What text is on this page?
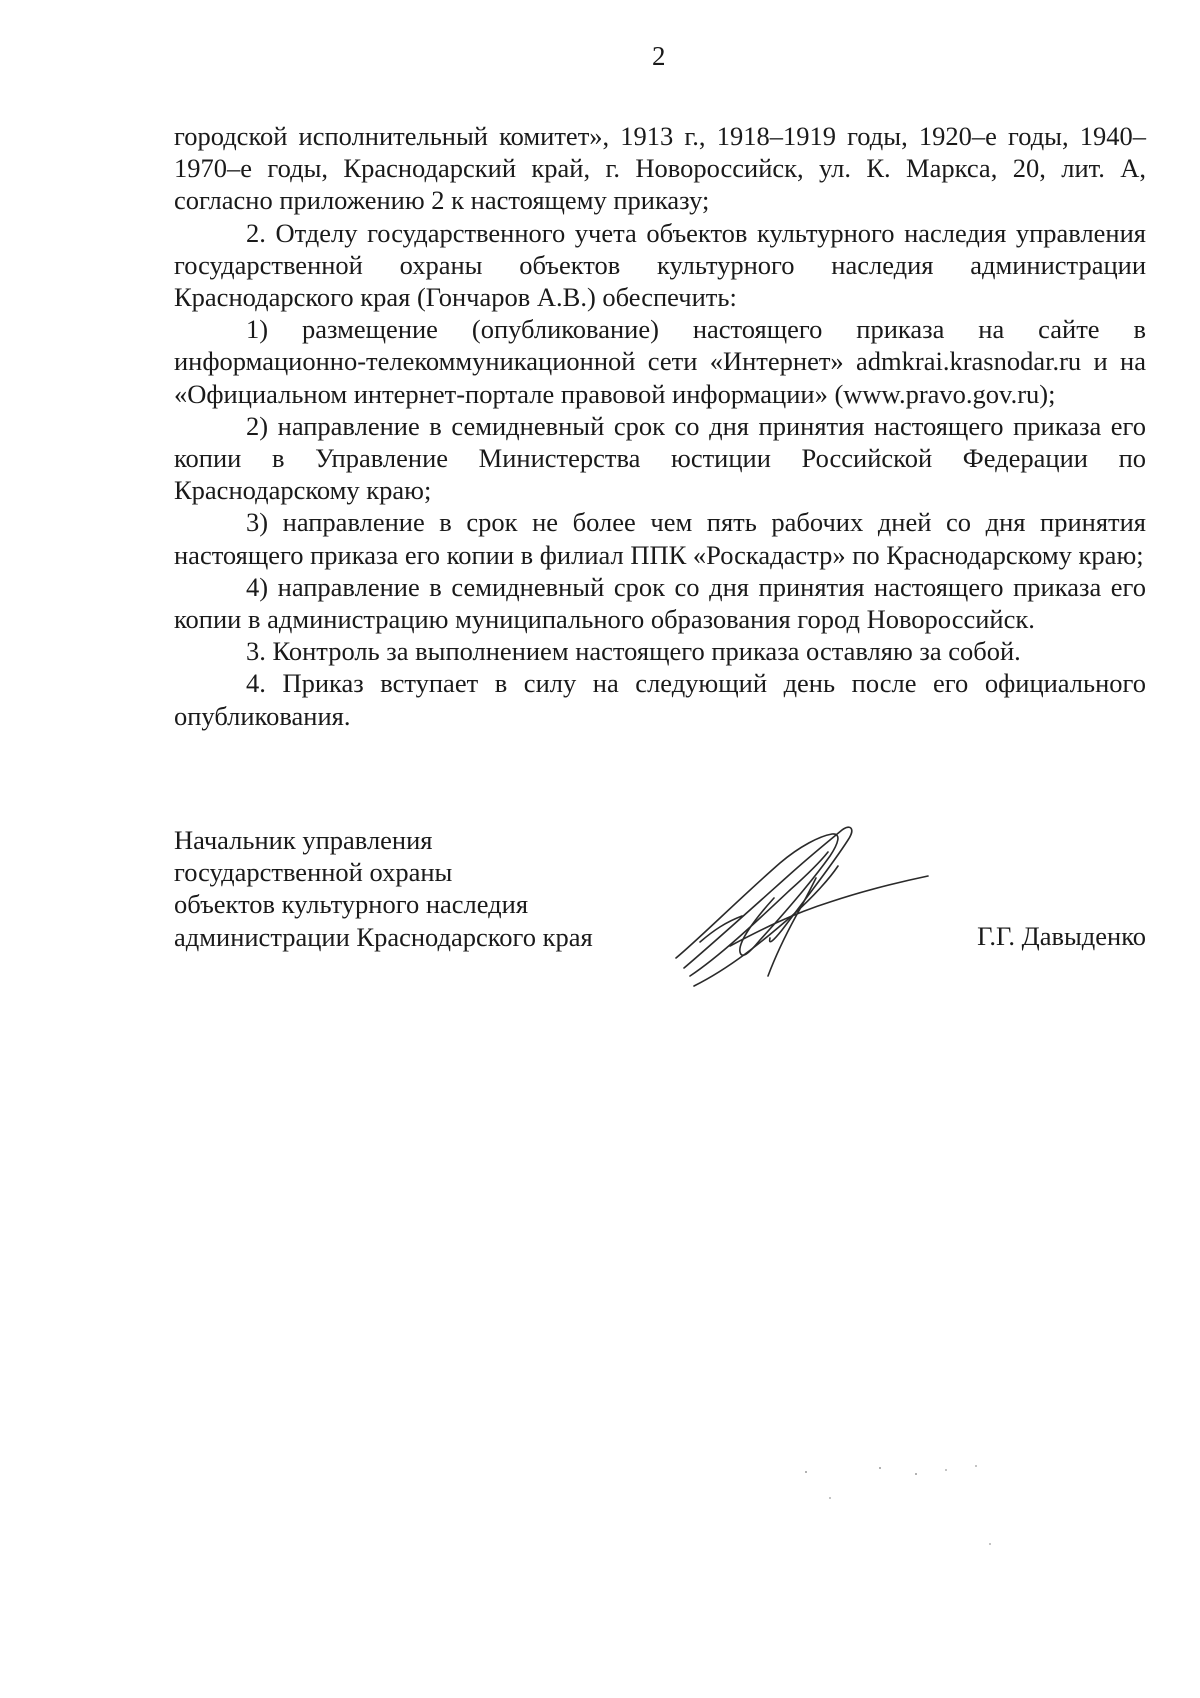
2

городской исполнительный комитет», 1913 г., 1918–1919 годы, 1920–е годы, 1940–1970–е годы, Краснодарский край, г. Новороссийск, ул. К. Маркса, 20, лит. А, согласно приложению 2 к настоящему приказу;

2. Отделу государственного учета объектов культурного наследия управления государственной охраны объектов культурного наследия администрации Краснодарского края (Гончаров А.В.) обеспечить:

1) размещение (опубликование) настоящего приказа на сайте в информационно-телекоммуникационной сети «Интернет» admkrai.krasnodar.ru и на «Официальном интернет-портале правовой информации» (www.pravo.gov.ru);

2) направление в семидневный срок со дня принятия настоящего приказа его копии в Управление Министерства юстиции Российской Федерации по Краснодарскому краю;

3) направление в срок не более чем пять рабочих дней со дня принятия настоящего приказа его копии в филиал ППК «Роскадастр» по Краснодарскому краю;

4) направление в семидневный срок со дня принятия настоящего приказа его копии в администрацию муниципального образования город Новороссийск.

3. Контроль за выполнением настоящего приказа оставляю за собой.

4. Приказ вступает в силу на следующий день после его официального опубликования.

Начальник управления
государственной охраны
объектов культурного наследия
администрации Краснодарского края	Г.Г. Давыденко
